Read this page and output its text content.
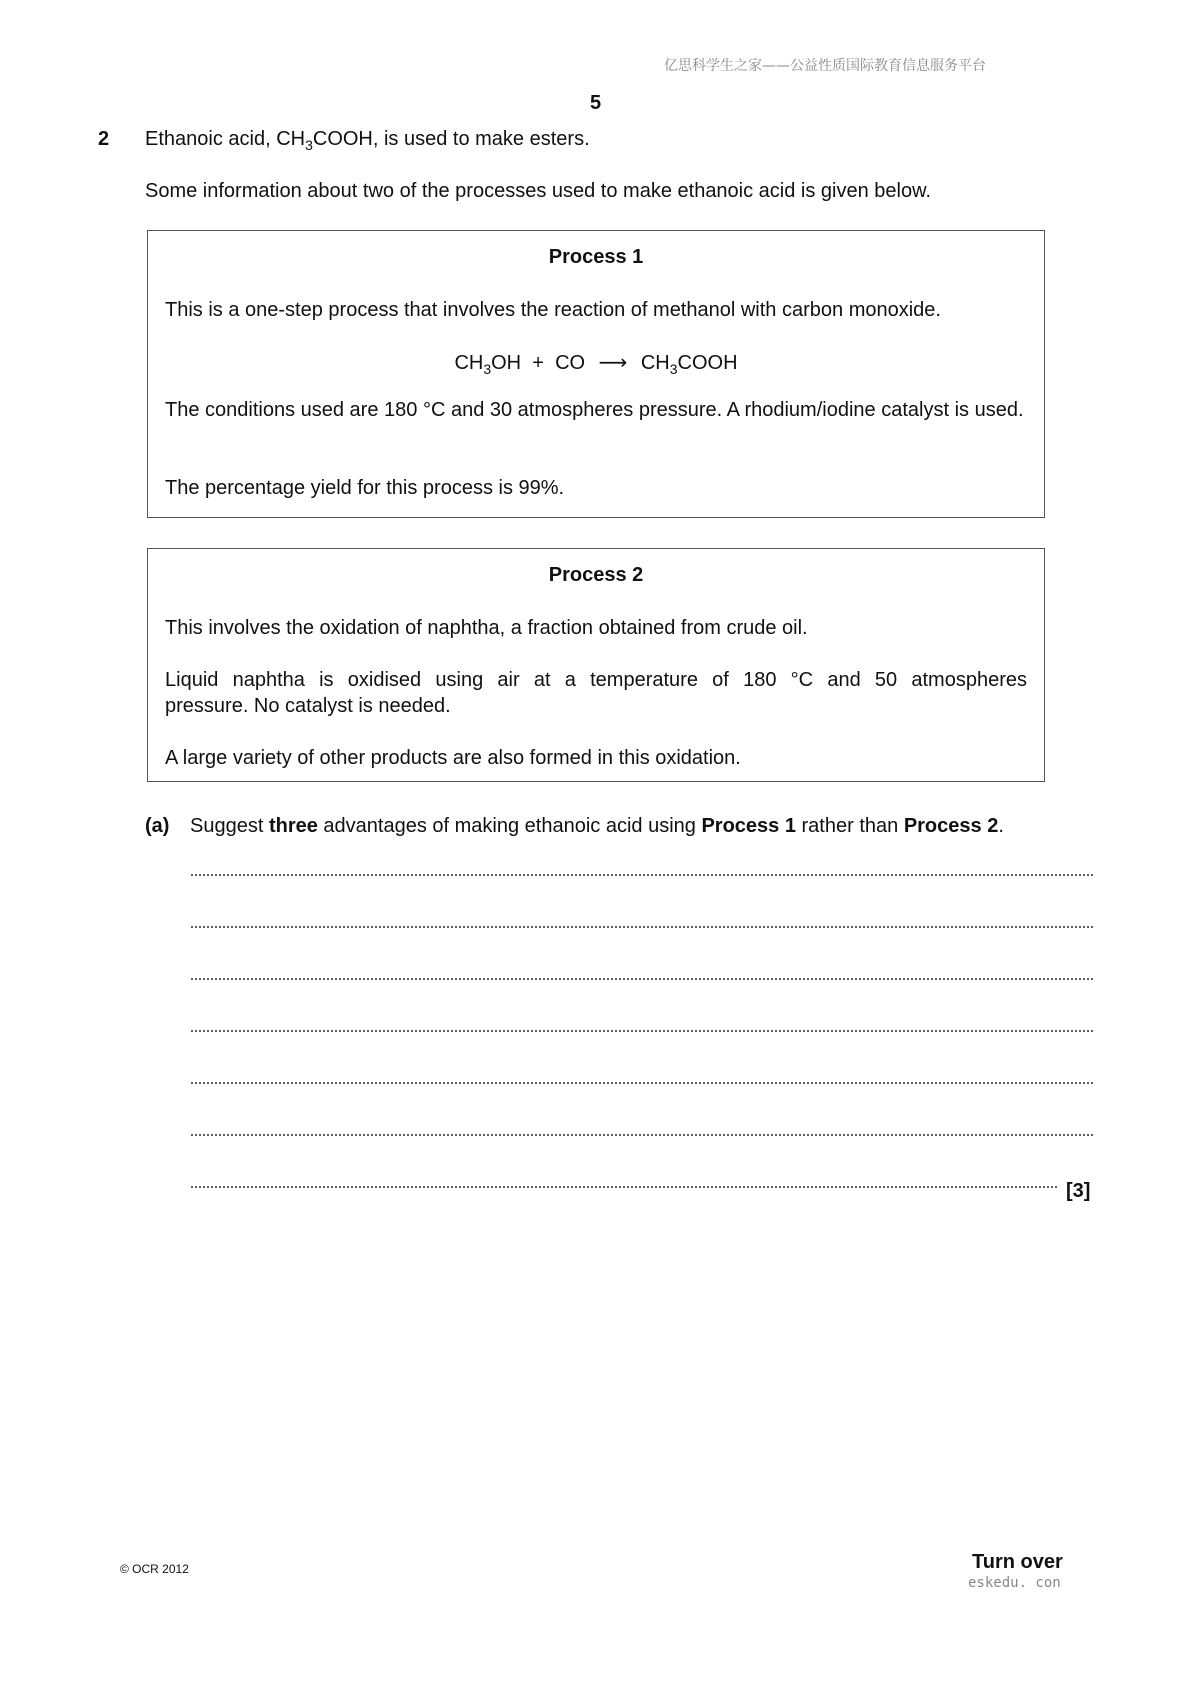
亿思科学生之家——公益性质国际教育信息服务平台
5
2 Ethanoic acid, $CH_3COOH$, is used to make esters.
Some information about two of the processes used to make ethanoic acid is given below.
Process 1
This is a one-step process that involves the reaction of methanol with carbon monoxide.
$CH_3OH$ + CO ⟶ $CH_3COOH$
The conditions used are 180 °C and 30 atmospheres pressure. A rhodium/iodine catalyst is used.
The percentage yield for this process is 99%.
Process 2
This involves the oxidation of naphtha, a fraction obtained from crude oil.
Liquid naphtha is oxidised using air at a temperature of 180 °C and 50 atmospheres
pressure. No catalyst is needed.
A large variety of other products are also formed in this oxidation.
(a) Suggest three advantages of making ethanoic acid using Process 1 rather than Process 2.
[3]
© OCR 2012	Turn over
eskedu. con
